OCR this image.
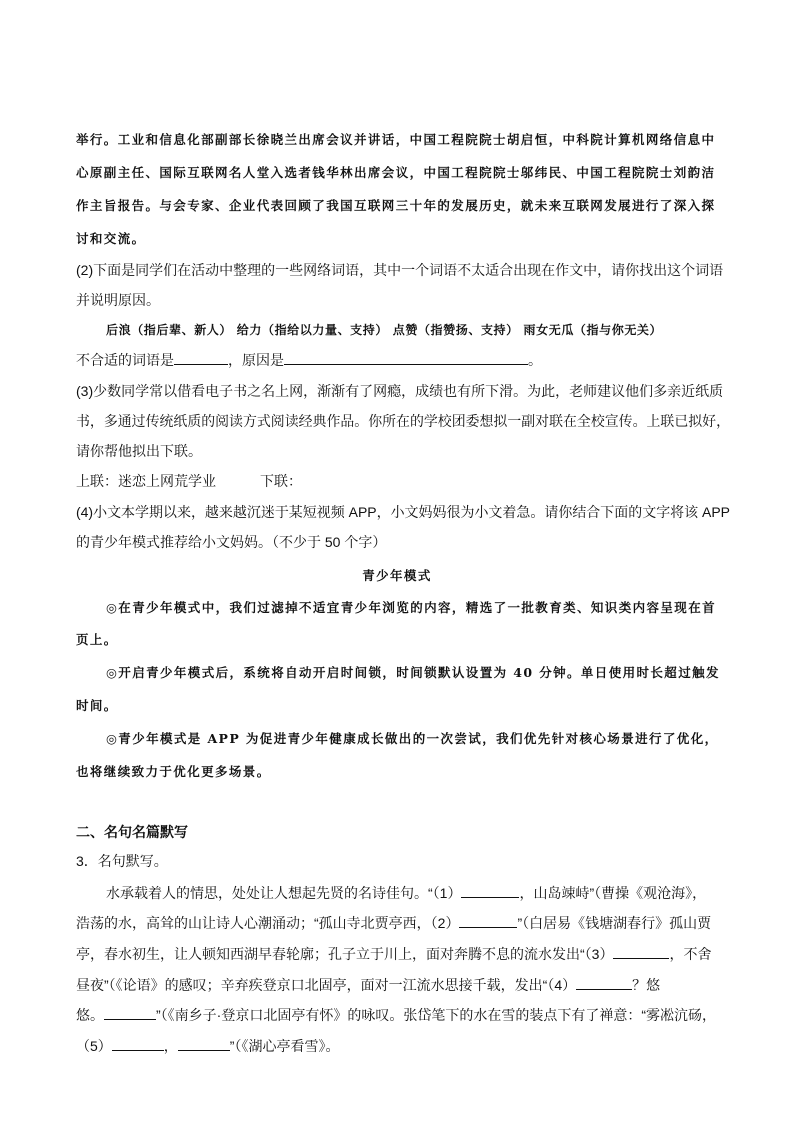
举行。工业和信息化部副部长徐晓兰出席会议并讲话，中国工程院院士胡启恒，中科院计算机网络信息中
心原副主任、国际互联网名人堂入选者钱华林出席会议，中国工程院院士邬纬民、中国工程院院士刘韵洁
作主旨报告。与会专家、企业代表回顾了我国互联网三十年的发展历史，就未来互联网发展进行了深入探
讨和交流。
(2)下面是同学们在活动中整理的一些网络词语，其中一个词语不太适合出现在作文中，请你找出这个词语
并说明原因。
后浪（指后辈、新人） 给力（指给以力量、支持） 点赞（指赞扬、支持） 雨女无瓜（指与你无关）
不合适的词语是	，原因是	。
(3)少数同学常以借看电子书之名上网，渐渐有了网瘾，成绩也有所下滑。为此，老师建议他们多亲近纸质
书，多通过传统纸质的阅读方式阅读经典作品。你所在的学校团委想拟一副对联在全校宣传。上联已拟好，
请你帮他拟出下联。
上联：迷恋上网荒学业	下联：
(4)小文本学期以来，越来越沉迷于某短视频 APP，小文妈妈很为小文着急。请你结合下面的文字将该 APP
的青少年模式推荐给小文妈妈。（不少于 50 个字）
青少年模式
◎在青少年模式中，我们过滤掉不适宜青少年浏览的内容，精选了一批教育类、知识类内容呈现在首
页上。
◎开启青少年模式后，系统将自动开启时间锁，时间锁默认设置为 40 分钟。单日使用时长超过触发
时间。
◎青少年模式是 APP 为促进青少年健康成长做出的一次尝试，我们优先针对核心场景进行了优化，
也将继续致力于优化更多场景。
二、名句名篇默写
3．名句默写。
水承载着人的情思，处处让人想起先贤的名诗佳句。“（1）	，山岛竦峙”（曹操《观沧海》，
浩荡的水，高耸的山让诗人心潮涌动；“孤山寺北贾亭西，（2）	”（白居易《钱塘湖春行》孤山贾
亭，春水初生，让人顿知西湖早春轮廓；孔子立于川上，面对奔腾不息的流水发出“（3）	，不舍
昼夜”（《论语》的感叹；辛弃疾登京口北固亭，面对一江流水思接千载，发出“（4）	？悠
悠。	”（《南乡子·登京口北固亭有怀》的咏叹。张岱笔下的水在雪的装点下有了禅意：“雾凇沆砀，
（5）	，	”（《湖心亭看雪》。
